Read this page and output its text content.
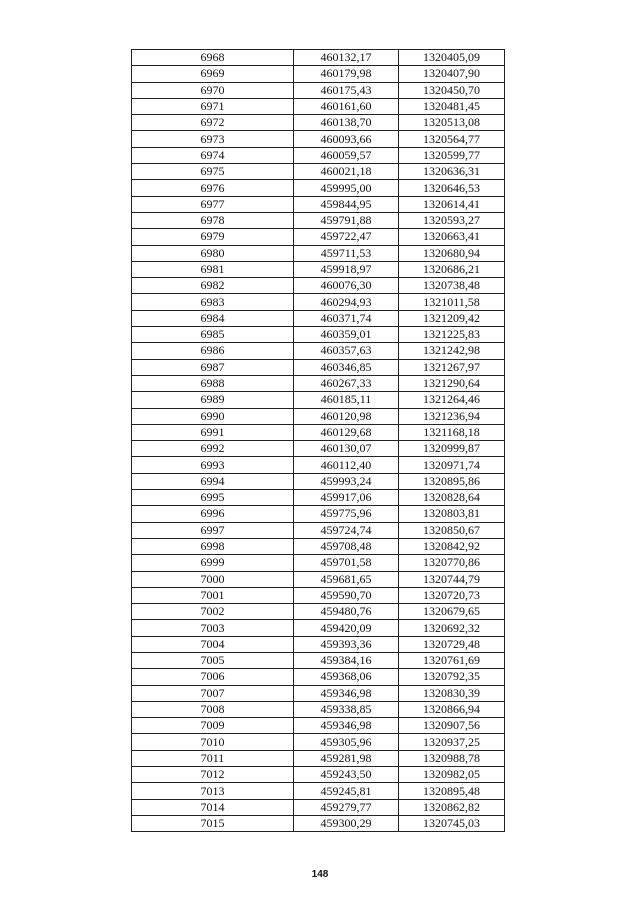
6968	460132,17	1320405,09
6969	460179,98	1320407,90
6970	460175,43	1320450,70
6971	460161,60	1320481,45
6972	460138,70	1320513,08
6973	460093,66	1320564,77
6974	460059,57	1320599,77
6975	460021,18	1320636,31
6976	459995,00	1320646,53
6977	459844,95	1320614,41
6978	459791,88	1320593,27
6979	459722,47	1320663,41
6980	459711,53	1320680,94
6981	459918,97	1320686,21
6982	460076,30	1320738,48
6983	460294,93	1321011,58
6984	460371,74	1321209,42
6985	460359,01	1321225,83
6986	460357,63	1321242,98
6987	460346,85	1321267,97
6988	460267,33	1321290,64
6989	460185,11	1321264,46
6990	460120,98	1321236,94
6991	460129,68	1321168,18
6992	460130,07	1320999,87
6993	460112,40	1320971,74
6994	459993,24	1320895,86
6995	459917,06	1320828,64
6996	459775,96	1320803,81
6997	459724,74	1320850,67
6998	459708,48	1320842,92
6999	459701,58	1320770,86
7000	459681,65	1320744,79
7001	459590,70	1320720,73
7002	459480,76	1320679,65
7003	459420,09	1320692,32
7004	459393,36	1320729,48
7005	459384,16	1320761,69
7006	459368,06	1320792,35
7007	459346,98	1320830,39
7008	459338,85	1320866,94
7009	459346,98	1320907,56
7010	459305,96	1320937,25
7011	459281,98	1320988,78
7012	459243,50	1320982,05
7013	459245,81	1320895,48
7014	459279,77	1320862,82
7015	459300,29	1320745,03
148
